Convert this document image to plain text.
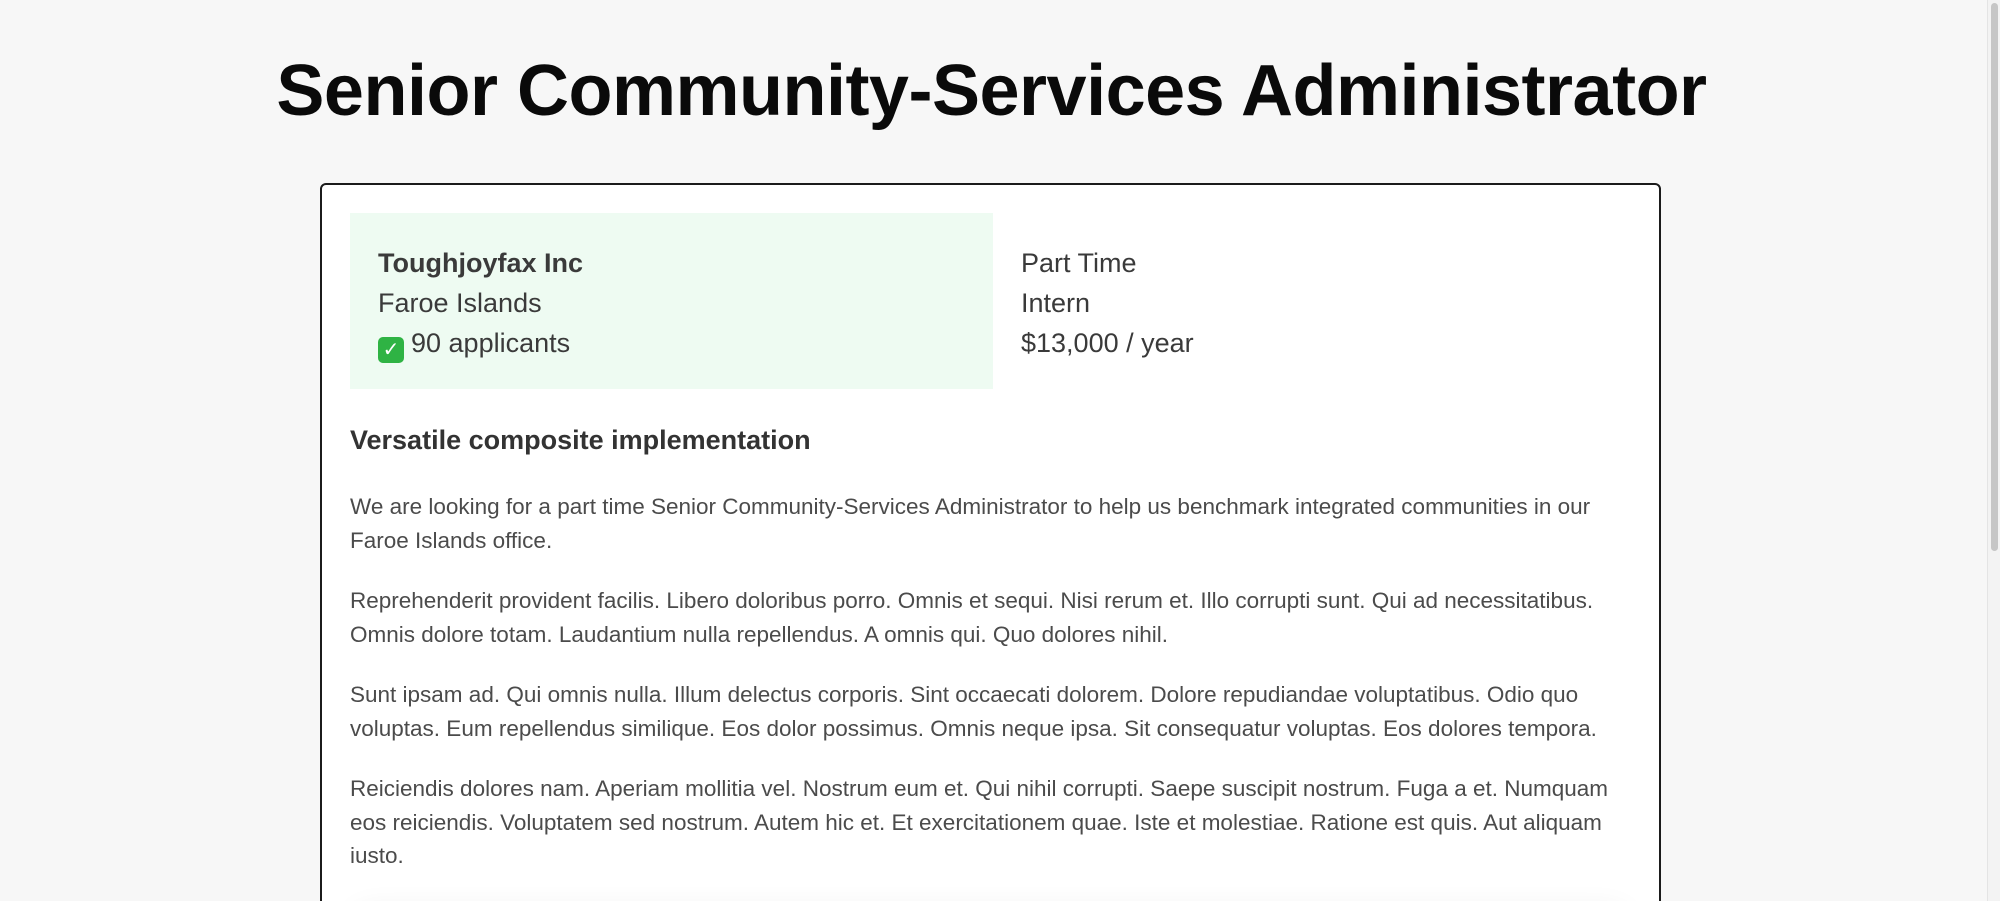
Senior Community-Services Administrator
Toughjoyfax Inc
Faroe Islands
✓ 90 applicants
Part Time
Intern
$13,000 / year
Versatile composite implementation

We are looking for a part time Senior Community-Services Administrator to help us benchmark integrated communities in our Faroe Islands office.

Reprehenderit provident facilis. Libero doloribus porro. Omnis et sequi. Nisi rerum et. Illo corrupti sunt. Qui ad necessitatibus. Omnis dolore totam. Laudantium nulla repellendus. A omnis qui. Quo dolores nihil.

Sunt ipsam ad. Qui omnis nulla. Illum delectus corporis. Sint occaecati dolorem. Dolore repudiandae voluptatibus. Odio quo voluptas. Eum repellendus similique. Eos dolor possimus. Omnis neque ipsa. Sit consequatur voluptas. Eos dolores tempora.

Reiciendis dolores nam. Aperiam mollitia vel. Nostrum eum et. Qui nihil corrupti. Saepe suscipit nostrum. Fuga a et. Numquam eos reiciendis. Voluptatem sed nostrum. Autem hic et. Et exercitationem quae. Iste et molestiae. Ratione est quis. Aut aliquam iusto.
